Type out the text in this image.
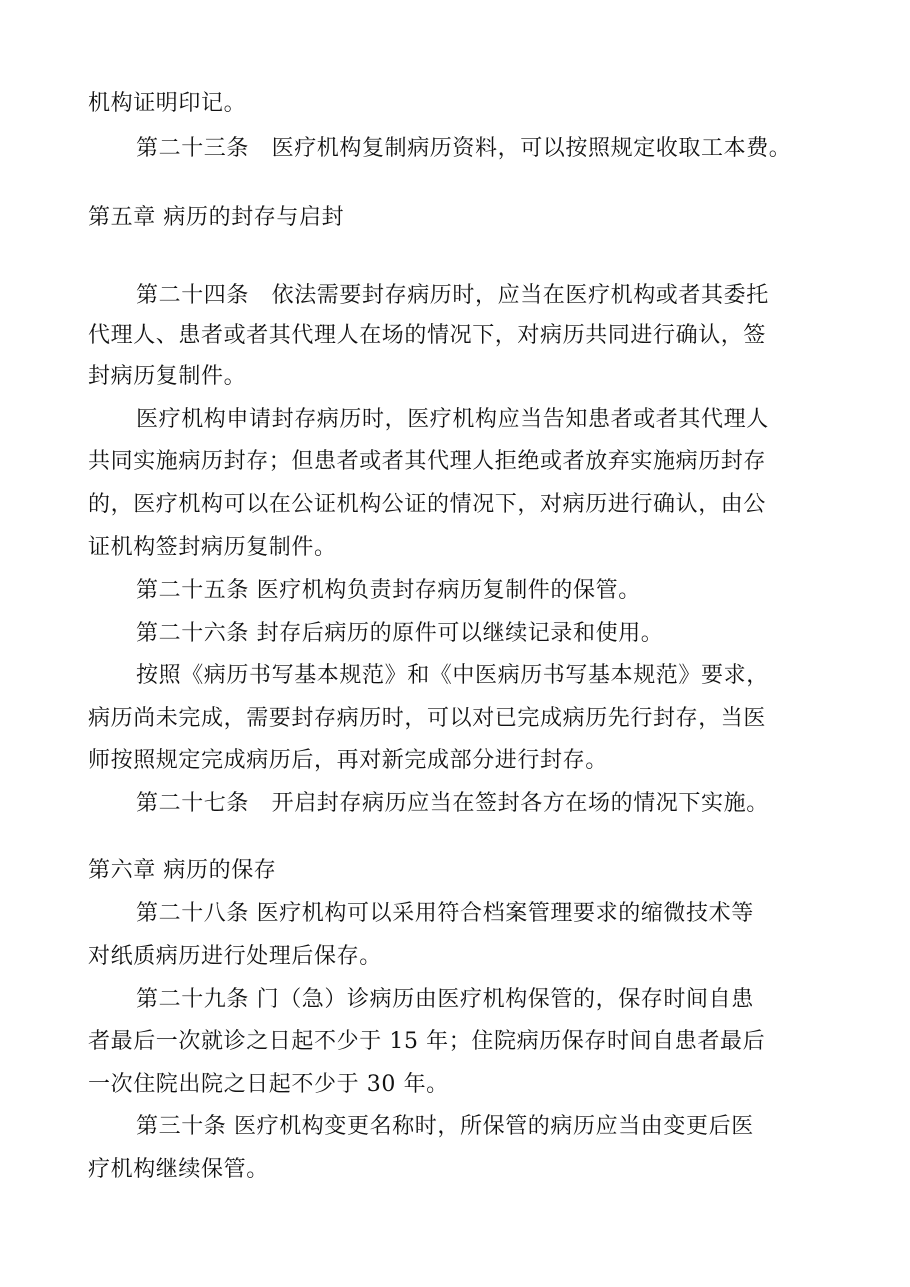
机构证明印记。
第二十三条　医疗机构复制病历资料，可以按照规定收取工本费。
第五章 病历的封存与启封
第二十四条　依法需要封存病历时，应当在医疗机构或者其委托
代理人、患者或者其代理人在场的情况下，对病历共同进行确认，签
封病历复制件。
医疗机构申请封存病历时，医疗机构应当告知患者或者其代理人
共同实施病历封存；但患者或者其代理人拒绝或者放弃实施病历封存
的，医疗机构可以在公证机构公证的情况下，对病历进行确认，由公
证机构签封病历复制件。
第二十五条 医疗机构负责封存病历复制件的保管。
第二十六条 封存后病历的原件可以继续记录和使用。
按照《病历书写基本规范》和《中医病历书写基本规范》要求，
病历尚未完成，需要封存病历时，可以对已完成病历先行封存，当医
师按照规定完成病历后，再对新完成部分进行封存。
第二十七条　开启封存病历应当在签封各方在场的情况下实施。
第六章 病历的保存
第二十八条 医疗机构可以采用符合档案管理要求的缩微技术等
对纸质病历进行处理后保存。
第二十九条 门（急）诊病历由医疗机构保管的，保存时间自患
者最后一次就诊之日起不少于 15 年；住院病历保存时间自患者最后
一次住院出院之日起不少于 30 年。
第三十条 医疗机构变更名称时，所保管的病历应当由变更后医
疗机构继续保管。
